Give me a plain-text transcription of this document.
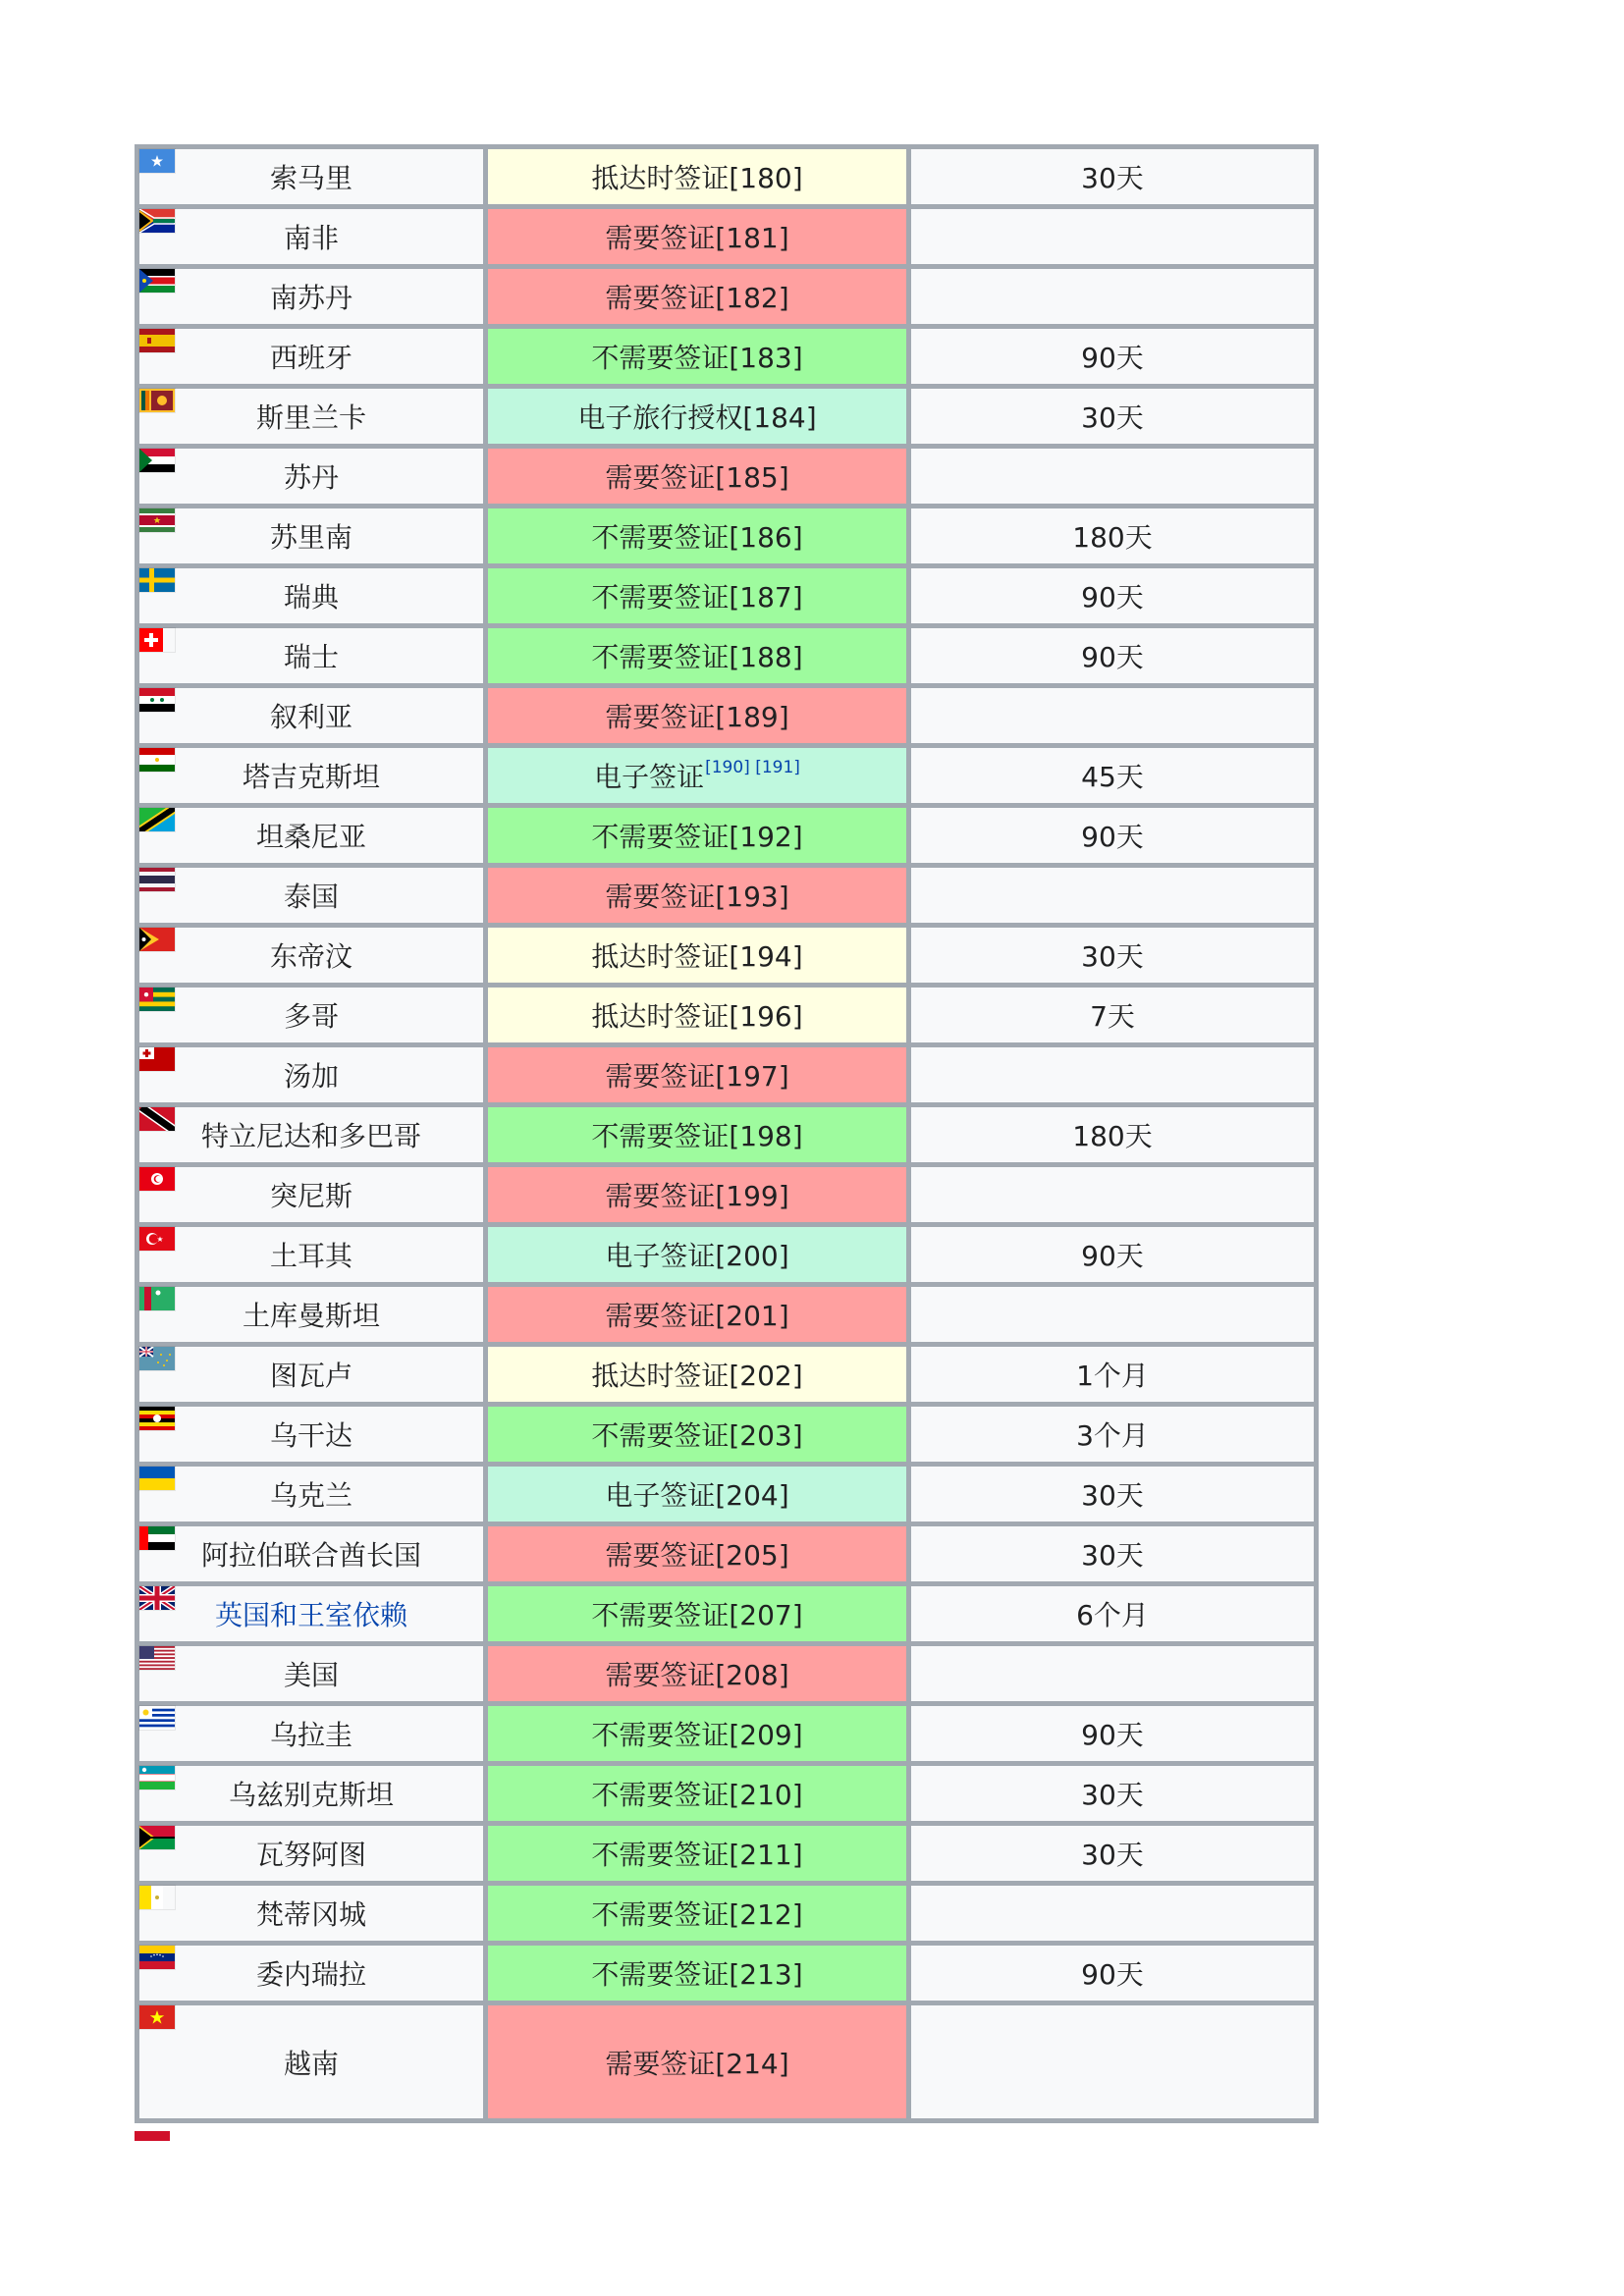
索马里	抵达时签证[180]	30天

南非	需要签证[181]	

南苏丹	需要签证[182]	

西班牙	不需要签证[183]	90天

斯里兰卡	电子旅行授权[184]	30天

苏丹	需要签证[185]	

苏里南	不需要签证[186]	180天

瑞典	不需要签证[187]	90天

瑞士	不需要签证[188]	90天

叙利亚	需要签证[189]	

塔吉克斯坦	电子签证[190] [191]	45天

坦桑尼亚	不需要签证[192]	90天

泰国	需要签证[193]	

东帝汶	抵达时签证[194]	30天

多哥	抵达时签证[196]	7天

汤加	需要签证[197]	

特立尼达和多巴哥	不需要签证[198]	180天

突尼斯	需要签证[199]	

土耳其	电子签证[200]	90天

土库曼斯坦	需要签证[201]	

图瓦卢	抵达时签证[202]	1个月

乌干达	不需要签证[203]	3个月

乌克兰	电子签证[204]	30天

阿拉伯联合酋长国	需要签证[205]	30天

英国和王室依赖	不需要签证[207]	6个月

美国	需要签证[208]	

乌拉圭	不需要签证[209]	90天

乌兹别克斯坦	不需要签证[210]	30天

瓦努阿图	不需要签证[211]	30天

梵蒂冈城	不需要签证[212]	

委内瑞拉	不需要签证[213]	90天

越南	需要签证[214]	
